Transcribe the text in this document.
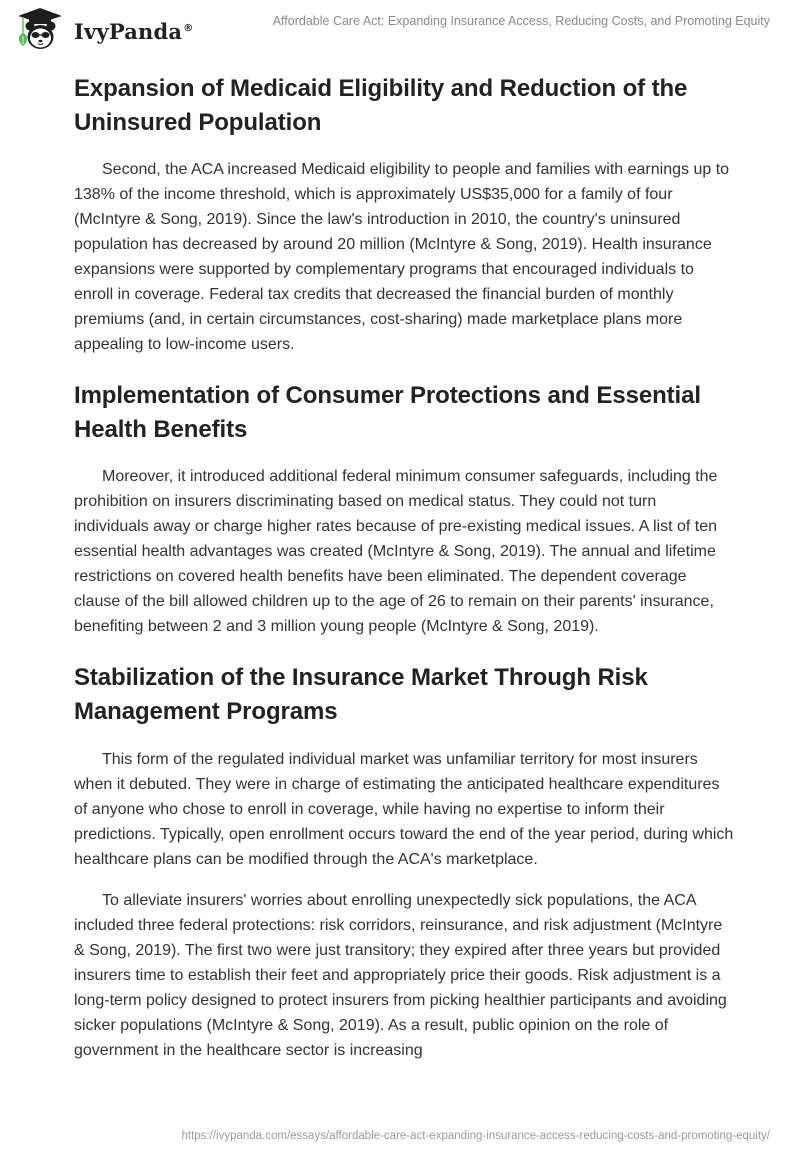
IvyPanda®	Affordable Care Act: Expanding Insurance Access, Reducing Costs, and Promoting Equity
Expansion of Medicaid Eligibility and Reduction of the Uninsured Population

Second, the ACA increased Medicaid eligibility to people and families with earnings up to 138% of the income threshold, which is approximately US$35,000 for a family of four (McIntyre & Song, 2019). Since the law's introduction in 2010, the country's uninsured population has decreased by around 20 million (McIntyre & Song, 2019). Health insurance expansions were supported by complementary programs that encouraged individuals to enroll in coverage. Federal tax credits that decreased the financial burden of monthly premiums (and, in certain circumstances, cost-sharing) made marketplace plans more appealing to low-income users.

Implementation of Consumer Protections and Essential Health Benefits

Moreover, it introduced additional federal minimum consumer safeguards, including the prohibition on insurers discriminating based on medical status. They could not turn individuals away or charge higher rates because of pre-existing medical issues. A list of ten essential health advantages was created (McIntyre & Song, 2019). The annual and lifetime restrictions on covered health benefits have been eliminated. The dependent coverage clause of the bill allowed children up to the age of 26 to remain on their parents' insurance, benefiting between 2 and 3 million young people (McIntyre & Song, 2019).

Stabilization of the Insurance Market Through Risk Management Programs

This form of the regulated individual market was unfamiliar territory for most insurers when it debuted. They were in charge of estimating the anticipated healthcare expenditures of anyone who chose to enroll in coverage, while having no expertise to inform their predictions. Typically, open enrollment occurs toward the end of the year period, during which healthcare plans can be modified through the ACA's marketplace.

To alleviate insurers' worries about enrolling unexpectedly sick populations, the ACA included three federal protections: risk corridors, reinsurance, and risk adjustment (McIntyre & Song, 2019). The first two were just transitory; they expired after three years but provided insurers time to establish their feet and appropriately price their goods. Risk adjustment is a long-term policy designed to protect insurers from picking healthier participants and avoiding sicker populations (McIntyre & Song, 2019). As a result, public opinion on the role of government in the healthcare sector is increasing

https://ivypanda.com/essays/affordable-care-act-expanding-insurance-access-reducing-costs-and-promoting-equity/
